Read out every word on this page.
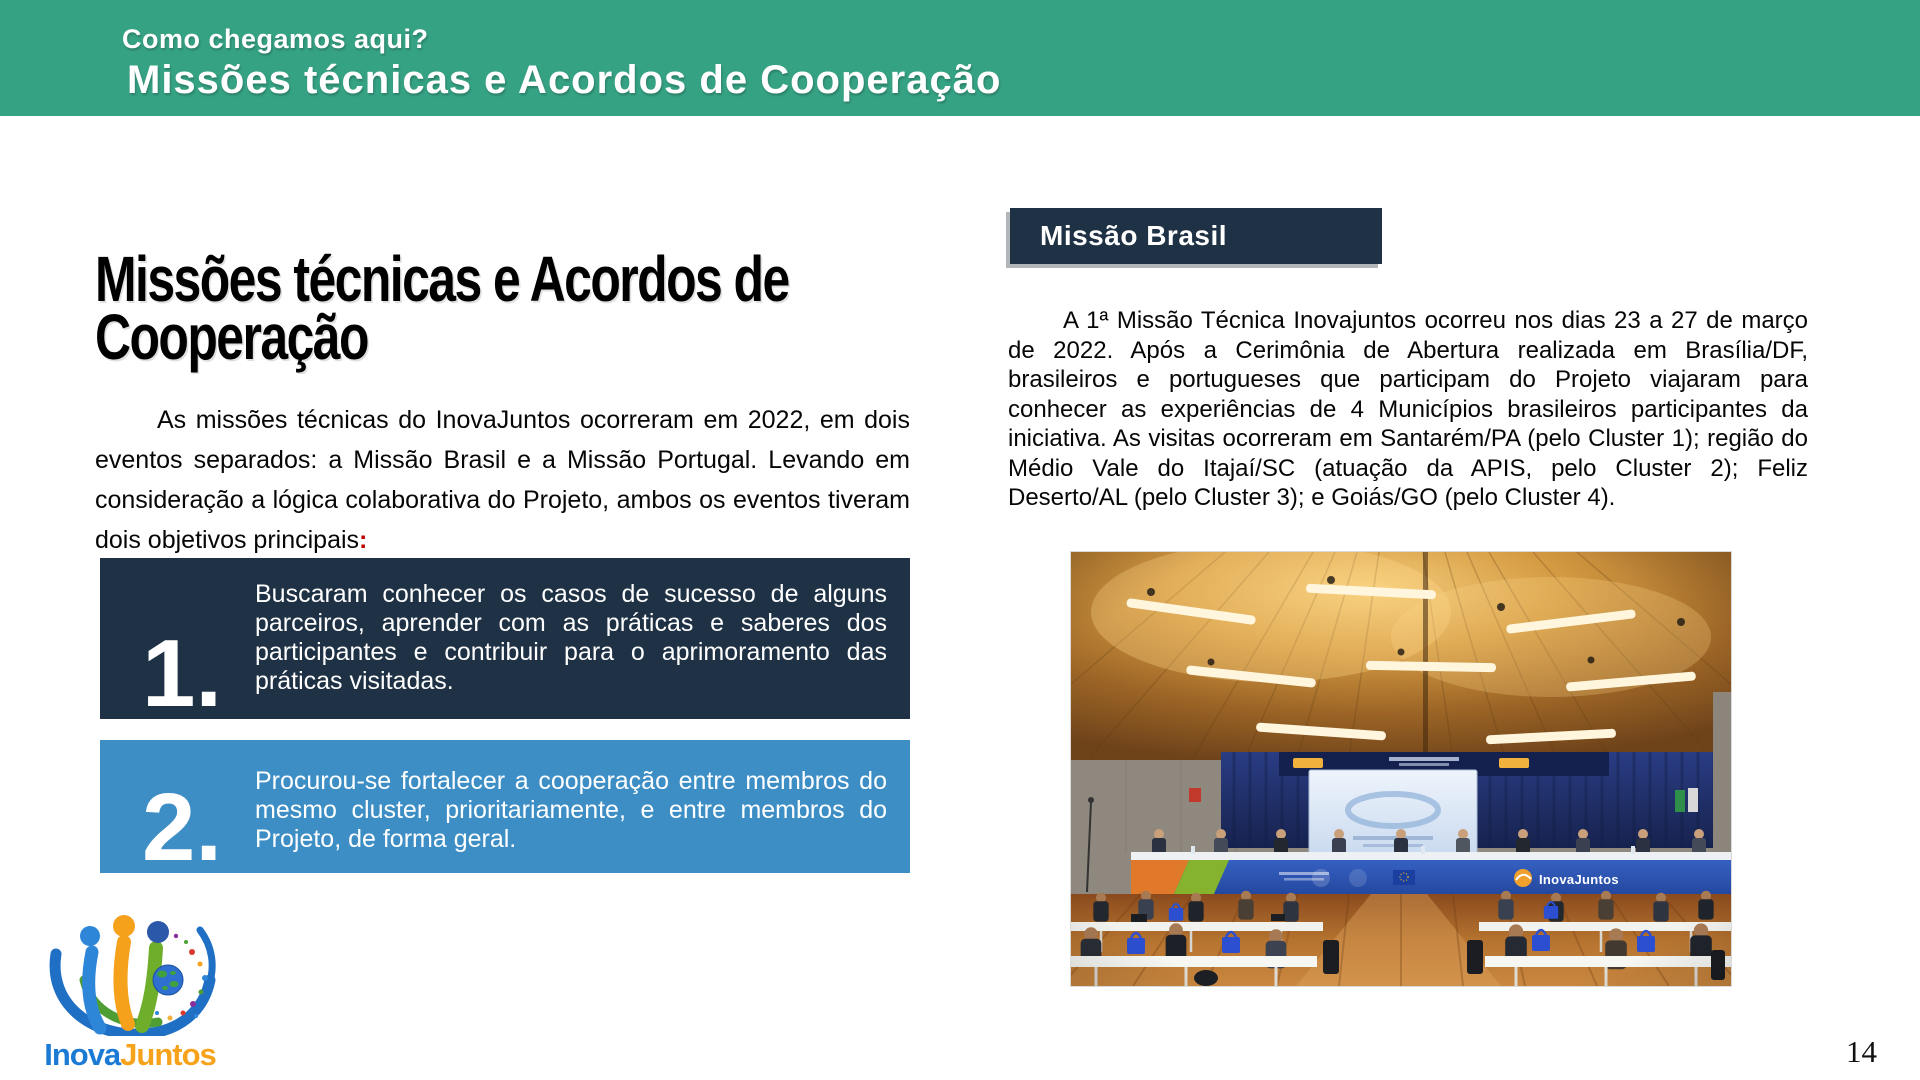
Como chegamos aqui?
Missões técnicas e Acordos de Cooperação
Missões técnicas e Acordos de
Cooperação

As missões técnicas do InovaJuntos ocorreram em 2022, em dois eventos separados: a Missão Brasil e a Missão Portugal. Levando em consideração a lógica colaborativa do Projeto, ambos os eventos tiveram dois objetivos principais:

1.

Buscaram conhecer os casos de sucesso de alguns parceiros, aprender com as práticas e saberes dos participantes e contribuir para o aprimoramento das práticas visitadas.

2. Procurou-se fortalecer a cooperação entre membros do mesmo cluster, prioritariamente, e entre membros do Projeto, de forma geral.

Missão Brasil

A 1ª Missão Técnica Inovajuntos ocorreu nos dias 23 a 27 de março de 2022. Após a Cerimônia de Abertura realizada em Brasília/DF, brasileiros e portugueses que participam do Projeto viajaram para conhecer as experiências de 4 Municípios brasileiros participantes da iniciativa. As visitas ocorreram em Santarém/PA (pelo Cluster 1); região do Médio Vale do Itajaí/SC (atuação da APIS, pelo Cluster 2); Feliz Deserto/AL (pelo Cluster 3); e Goiás/GO (pelo Cluster 4).

InovaJuntos	14
